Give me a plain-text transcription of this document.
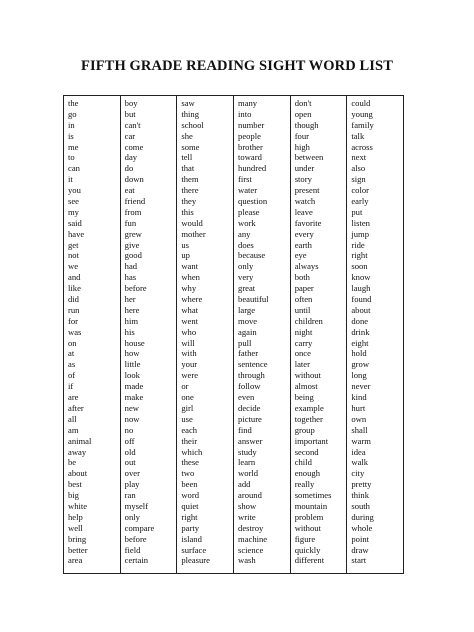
FIFTH GRADE READING SIGHT WORD LIST
the
go
in
is
me
to
can
it
you
see
my
said
have
get
not
we
and
like
did
run
for
was
on
at
as
of
if
are
after
all
am
animal
away
be
about
best
big
white
help
well
bring
better
area
boy
but
can't
car
come
day
do
down
eat
friend
from
fun
grew
give
good
had
has
before
her
here
him
his
house
how
little
look
made
make
new
now
no
off
old
out
over
play
ran
myself
only
compare
before
field
certain
saw
thing
school
she
some
tell
that
them
there
they
this
would
mother
us
up
want
when
why
where
what
went
who
will
with
your
were
or
one
girl
use
each
their
which
these
two
been
word
quiet
right
party
island
surface
pleasure
many
into
number
people
brother
toward
hundred
first
water
question
please
work
any
does
because
only
very
great
beautiful
large
move
again
pull
father
sentence
through
follow
even
decide
picture
find
answer
study
learn
world
add
around
show
write
destroy
machine
science
wash
don't
open
though
four
high
between
under
story
present
watch
leave
favorite
every
earth
eye
always
both
paper
often
until
children
night
carry
once
later
without
almost
being
example
together
group
important
second
child
enough
really
sometimes
mountain
problem
without
figure
quickly
different
could
young
family
talk
across
next
also
sign
color
early
put
listen
jump
ride
right
soon
know
laugh
found
about
done
drink
eight
hold
grow
long
never
kind
hurt
own
shall
warm
idea
walk
city
pretty
think
south
during
whole
point
draw
start
